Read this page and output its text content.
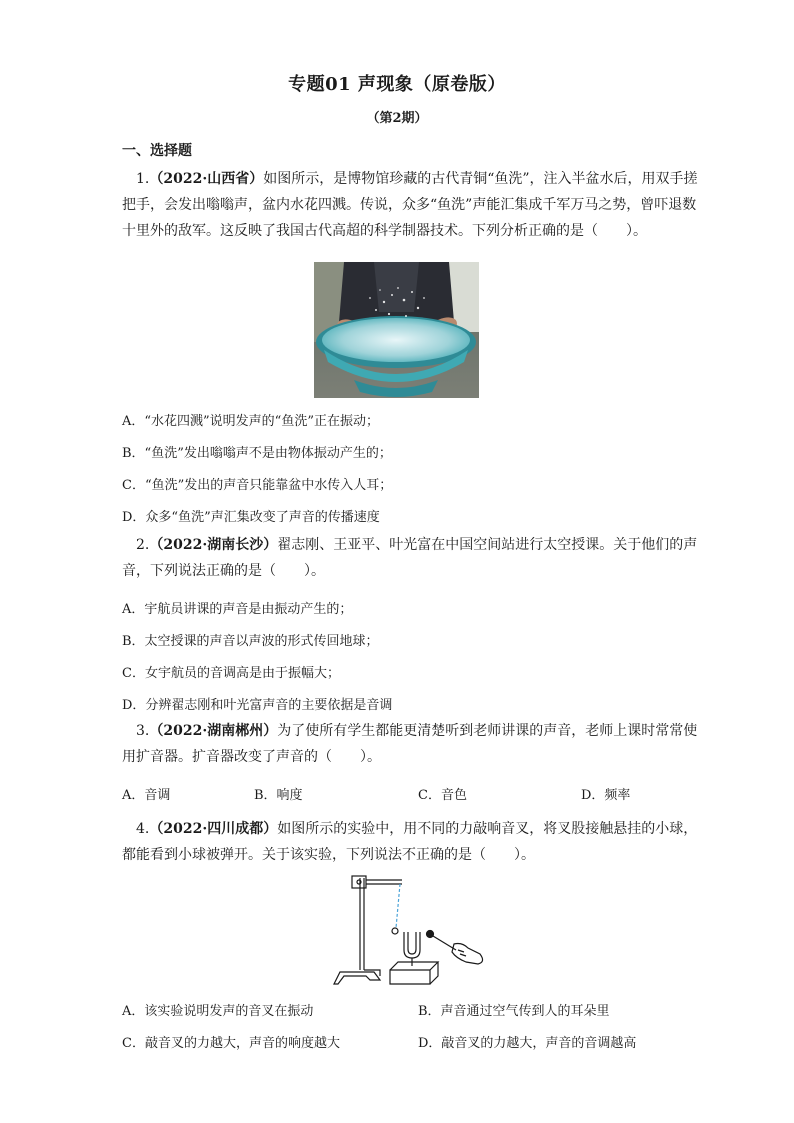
专题01 声现象（原卷版）
（第2期）
一、选择题
1.（2022·山西省）如图所示，是博物馆珍藏的古代青铜“鱼洗”，注入半盆水后，用双手搓把手，会发出嗡嗡声，盆内水花四溅。传说，众多“鱼洗”声能汇集成千军万马之势，曾吓退数十里外的敌军。这反映了我国古代高超的科学制器技术。下列分析正确的是（　　）。
A．“水花四溅”说明发声的“鱼洗”正在振动；
B．“鱼洗”发出嗡嗡声不是由物体振动产生的；
C．“鱼洗”发出的声音只能靠盆中水传入人耳；
D．众多“鱼洗”声汇集改变了声音的传播速度
2.（2022·湖南长沙）翟志刚、王亚平、叶光富在中国空间站进行太空授课。关于他们的声音，下列说法正确的是（　　）。
A．宇航员讲课的声音是由振动产生的；
B．太空授课的声音以声波的形式传回地球；
C．女宇航员的音调高是由于振幅大；
D．分辨翟志刚和叶光富声音的主要依据是音调
3.（2022·湖南郴州）为了使所有学生都能更清楚听到老师讲课的声音，老师上课时常常使用扩音器。扩音器改变了声音的（　　）。
A．音调	B．响度	C．音色	D．频率
4.（2022·四川成都）如图所示的实验中，用不同的力敲响音叉，将叉股接触悬挂的小球，都能看到小球被弹开。关于该实验，下列说法不正确的是（　　）。
A．该实验说明发声的音叉在振动	B．声音通过空气传到人的耳朵里
C．敲音叉的力越大，声音的响度越大	D．敲音叉的力越大，声音的音调越高
